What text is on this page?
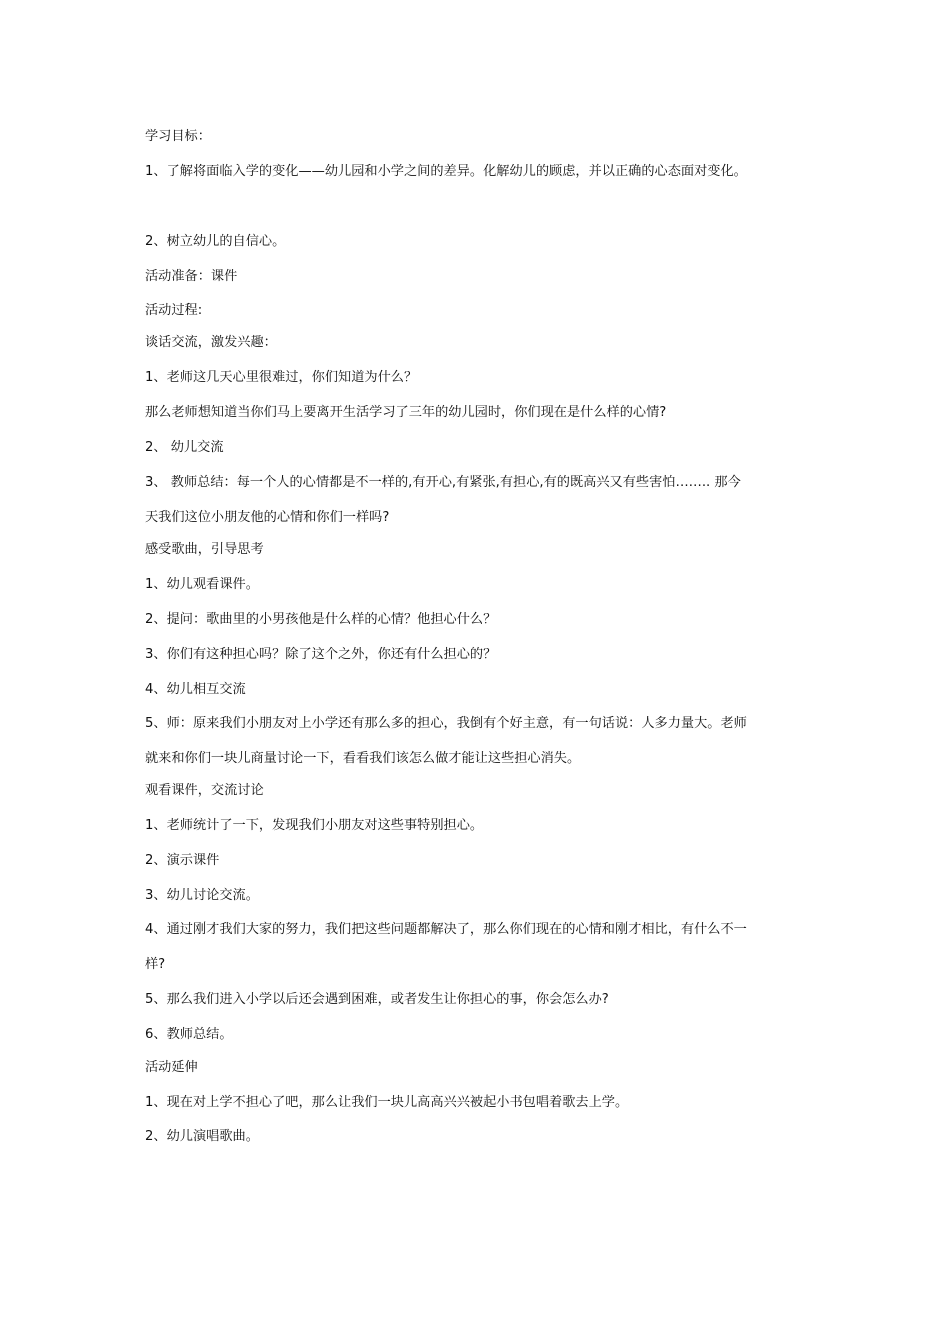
学习目标：
1、了解将面临入学的变化——幼儿园和小学之间的差异。化解幼儿的顾虑，并以正确的心态面对变化。
2、树立幼儿的自信心。
活动准备：课件
活动过程:
谈话交流，激发兴趣：
1、老师这几天心里很难过，你们知道为什么？
那么老师想知道当你们马上要离开生活学习了三年的幼儿园时，你们现在是什么样的心情?
2、 幼儿交流
3、 教师总结：每一个人的心情都是不一样的,有开心,有紧张,有担心,有的既高兴又有些害怕…….. 那今
天我们这位小朋友他的心情和你们一样吗?
感受歌曲，引导思考
1、幼儿观看课件。
2、提问：歌曲里的小男孩他是什么样的心情？他担心什么？
3、你们有这种担心吗？除了这个之外，你还有什么担心的？
4、幼儿相互交流
5、师：原来我们小朋友对上小学还有那么多的担心，我倒有个好主意，有一句话说：人多力量大。老师
就来和你们一块儿商量讨论一下，看看我们该怎么做才能让这些担心消失。
观看课件，交流讨论
1、老师统计了一下，发现我们小朋友对这些事特别担心。
2、演示课件
3、幼儿讨论交流。
4、通过刚才我们大家的努力，我们把这些问题都解决了，那么你们现在的心情和刚才相比，有什么不一
样?
5、那么我们进入小学以后还会遇到困难，或者发生让你担心的事，你会怎么办?
6、教师总结。
活动延伸
1、现在对上学不担心了吧，那么让我们一块儿高高兴兴被起小书包唱着歌去上学。
2、幼儿演唱歌曲。
